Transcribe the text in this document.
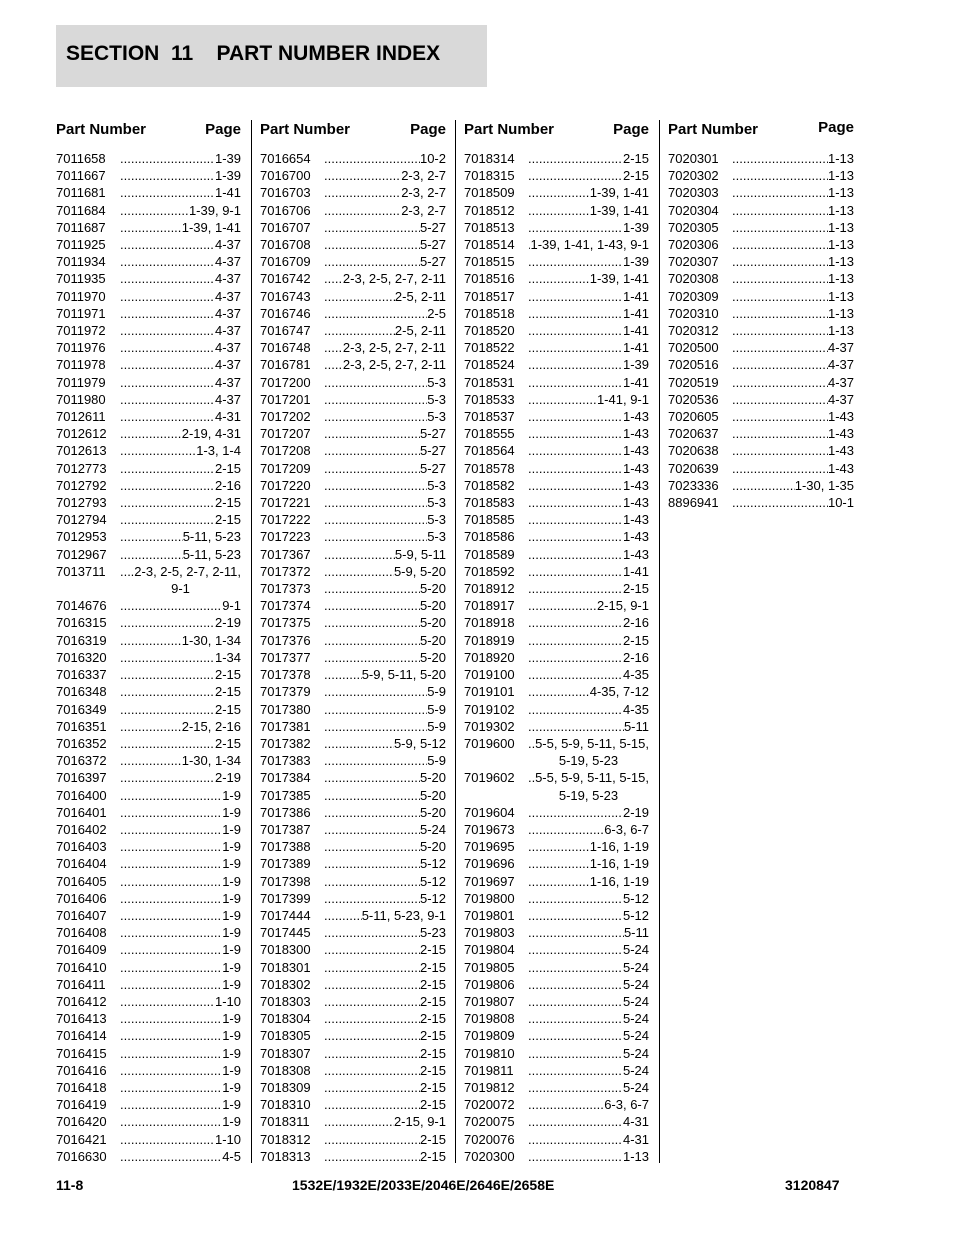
SECTION  11    PART NUMBER INDEX
Part Number	Page
7011658 .....	1-39
7011667 .....	1-39
7011681 .....	1-41
7011684 .....	1-39, 9-1
7011687 .....	1-39, 1-41
7011925 .....	4-37
7011934 .....	4-37
7011935 .....	4-37
7011970 .....	4-37
7011971 .....	4-37
7011972 .....	4-37
7011976 .....	4-37
7011978 .....	4-37
7011979 .....	4-37
7011980 .....	4-37
7012611 .....	4-31
7012612 .....	2-19, 4-31
7012613 .....	1-3, 1-4
7012773 .....	2-15
7012792 .....	2-16
7012793 .....	2-15
7012794 .....	2-15
7012953 .....	5-11, 5-23
7012967 .....	5-11, 5-23
7013711 .....	.2-3, 2-5, 2-7, 2-11,
9-1
7014676 .....	9-1
7016315 .....	2-19
7016319 .....	1-30, 1-34
7016320 .....	1-34
7016337 .....	2-15
7016348 .....	2-15
7016349 .....	2-15
7016351 .....	2-15, 2-16
7016352 .....	2-15
7016372 .....	1-30, 1-34
7016397 .....	2-19
7016400 .....	1-9
7016401 .....	1-9
7016402 .....	1-9
7016403 .....	1-9
7016404 .....	1-9
7016405 .....	1-9
7016406 .....	1-9
7016407 .....	1-9
7016408 .....	1-9
7016409 .....	1-9
7016410 .....	1-9
7016411 .....	1-9
7016412 .....	1-10
7016413 .....	1-9
7016414 .....	1-9
7016415 .....	1-9
7016416 .....	1-9
7016418 .....	1-9
7016419 .....	1-9
7016420 .....	1-9
7016421 .....	1-10
7016630 .....	4-5
Part Number	Page
7016654 .....	10-2
7016700 .....	2-3, 2-7
7016703 .....	2-3, 2-7
7016706 .....	2-3, 2-7
7016707 .....	5-27
7016708 .....	5-27
7016709 .....	5-27
7016742 .....	2-3, 2-5, 2-7, 2-11
7016743 .....	2-5, 2-11
7016746 .....	2-5
7016747 .....	2-5, 2-11
7016748 .....	2-3, 2-5, 2-7, 2-11
7016781 .....	2-3, 2-5, 2-7, 2-11
7017200 .....	5-3
7017201 .....	5-3
7017202 .....	5-3
7017207 .....	5-27
7017208 .....	5-27
7017209 .....	5-27
7017220 .....	5-3
7017221 .....	5-3
7017222 .....	5-3
7017223 .....	5-3
7017367 .....	5-9, 5-11
7017372 .....	5-9, 5-20
7017373 .....	5-20
7017374 .....	5-20
7017375 .....	5-20
7017376 .....	5-20
7017377 .....	5-20
7017378 .....	5-9, 5-11, 5-20
7017379 .....	5-9
7017380 .....	5-9
7017381 .....	5-9
7017382 .....	5-9, 5-12
7017383 .....	5-9
7017384 .....	5-20
7017385 .....	5-20
7017386 .....	5-20
7017387 .....	5-24
7017388 .....	5-20
7017389 .....	5-12
7017398 .....	5-12
7017399 .....	5-12
7017444 .....	5-11, 5-23, 9-1
7017445 .....	5-23
7018300 .....	2-15
7018301 .....	2-15
7018302 .....	2-15
7018303 .....	2-15
7018304 .....	2-15
7018305 .....	2-15
7018307 .....	2-15
7018308 .....	2-15
7018309 .....	2-15
7018310 .....	2-15
7018311 .....	2-15, 9-1
7018312 .....	2-15
7018313 .....	2-15
Part Number	Page
7018314 .....	2-15
7018315 .....	2-15
7018509 .....	1-39, 1-41
7018512 .....	1-39, 1-41
7018513 .....	1-39
7018514 .....	1-39, 1-41, 1-43, 9-1
7018515 .....	1-39
7018516 .....	1-39, 1-41
7018517 .....	1-41
7018518 .....	1-41
7018520 .....	1-41
7018522 .....	1-41
7018524 .....	1-39
7018531 .....	1-41
7018533 .....	1-41, 9-1
7018537 .....	1-43
7018555 .....	1-43
7018564 .....	1-43
7018578 .....	1-43
7018582 .....	1-43
7018583 .....	1-43
7018585 .....	1-43
7018586 .....	1-43
7018589 .....	1-43
7018592 .....	1-41
7018912 .....	2-15
7018917 .....	2-15, 9-1
7018918 .....	2-16
7018919 .....	2-15
7018920 .....	2-16
7019100 .....	4-35
7019101 .....	4-35, 7-12
7019102 .....	4-35
7019302 .....	5-11
7019600 .....	5-5, 5-9, 5-11, 5-15,
5-19, 5-23
7019602 .....	5-5, 5-9, 5-11, 5-15,
5-19, 5-23
7019604 .....	2-19
7019673 .....	6-3, 6-7
7019695 .....	1-16, 1-19
7019696 .....	1-16, 1-19
7019697 .....	1-16, 1-19
7019800 .....	5-12
7019801 .....	5-12
7019803 .....	5-11
7019804 .....	5-24
7019805 .....	5-24
7019806 .....	5-24
7019807 .....	5-24
7019808 .....	5-24
7019809 .....	5-24
7019810 .....	5-24
7019811 .....	5-24
7019812 .....	5-24
7020072 .....	6-3, 6-7
7020075 .....	4-31
7020076 .....	4-31
7020300 .....	1-13
Part Number	Page
7020301 .....	1-13
7020302 .....	1-13
7020303 .....	1-13
7020304 .....	1-13
7020305 .....	1-13
7020306 .....	1-13
7020307 .....	1-13
7020308 .....	1-13
7020309 .....	1-13
7020310 .....	1-13
7020312 .....	1-13
7020500 .....	4-37
7020516 .....	4-37
7020519 .....	4-37
7020536 .....	4-37
7020605 .....	1-43
7020637 .....	1-43
7020638 .....	1-43
7020639 .....	1-43
7023336 .....	1-30, 1-35
8896941 .....	10-1
11-8	1532E/1932E/2033E/2046E/2646E/2658E	3120847
